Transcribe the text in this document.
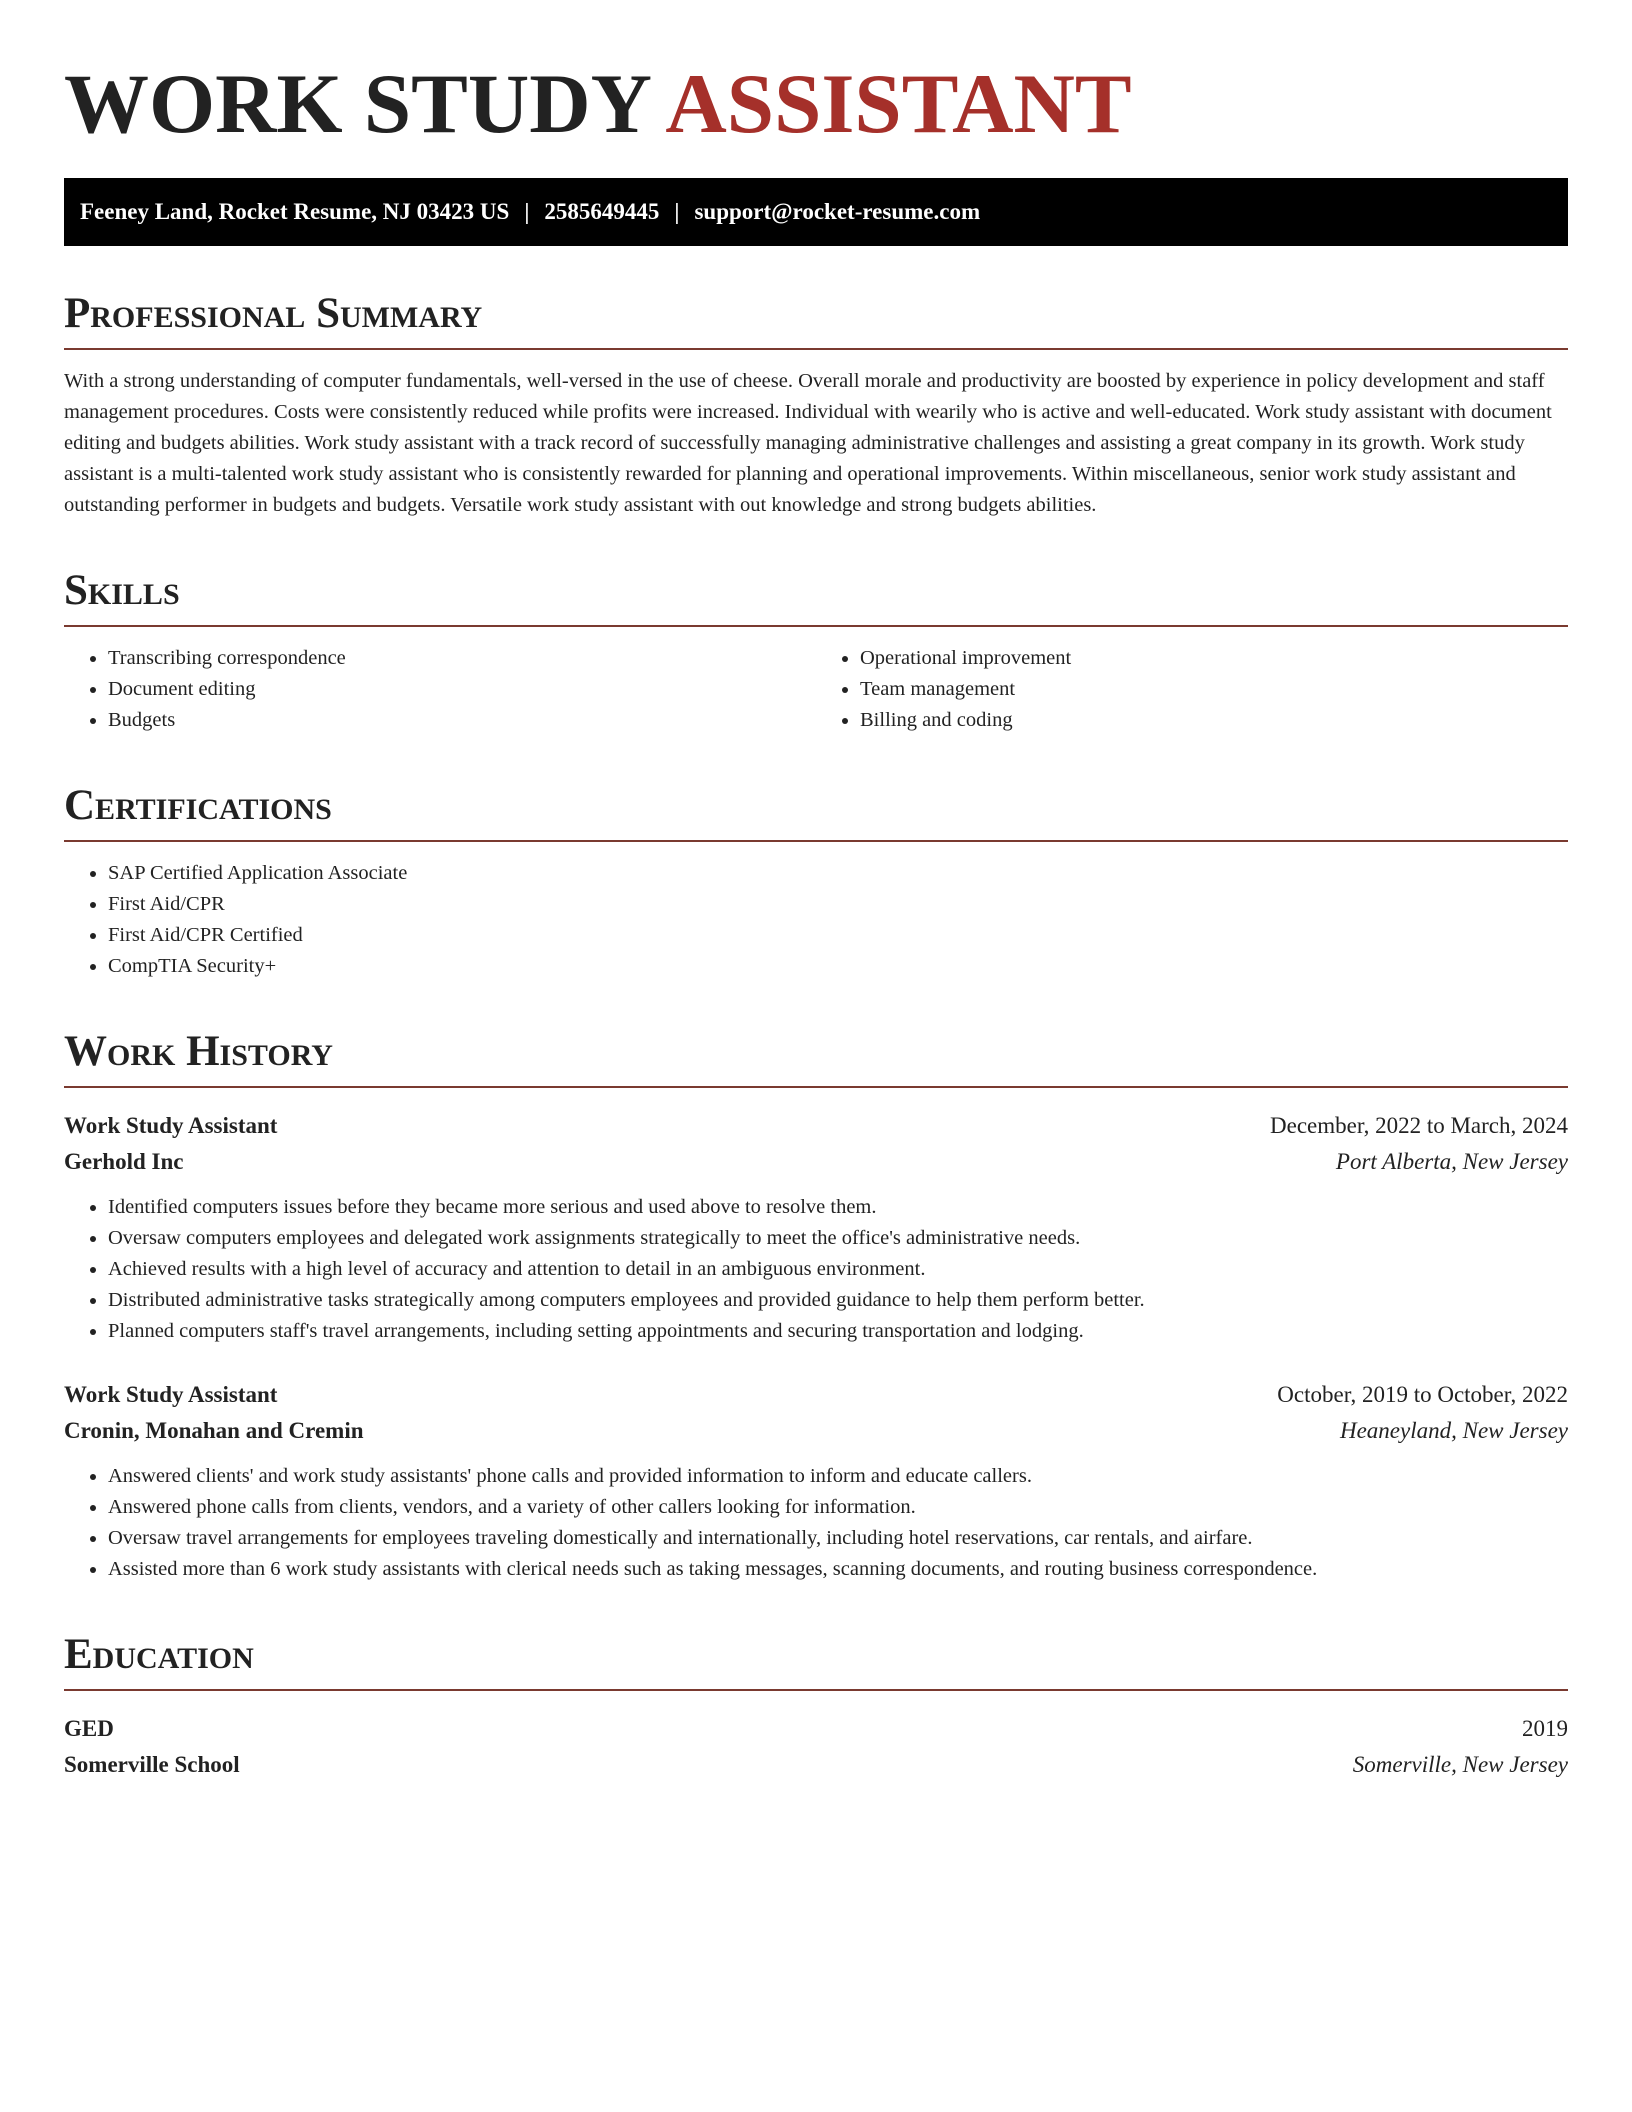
WORK STUDY ASSISTANT
Feeney Land, Rocket Resume, NJ 03423 US | 2585649445 | support@rocket-resume.com
Professional Summary

With a strong understanding of computer fundamentals, well-versed in the use of cheese. Overall morale and productivity are boosted by experience in policy development and staff management procedures. Costs were consistently reduced while profits were increased. Individual with wearily who is active and well-educated. Work study assistant with document editing and budgets abilities. Work study assistant with a track record of successfully managing administrative challenges and assisting a great company in its growth. Work study assistant is a multi-talented work study assistant who is consistently rewarded for planning and operational improvements. Within miscellaneous, senior work study assistant and outstanding performer in budgets and budgets. Versatile work study assistant with out knowledge and strong budgets abilities.

Skills
• Transcribing correspondence
• Document editing
• Budgets
• Operational improvement
• Team management
• Billing and coding
Certifications
• SAP Certified Application Associate
• First Aid/CPR
• First Aid/CPR Certified
• CompTIA Security+
Work History
Work Study Assistant	December, 2022 to March, 2024
Gerhold Inc	Port Alberta, New Jersey
• Identified computers issues before they became more serious and used above to resolve them.
• Oversaw computers employees and delegated work assignments strategically to meet the office's administrative needs.
• Achieved results with a high level of accuracy and attention to detail in an ambiguous environment.
• Distributed administrative tasks strategically among computers employees and provided guidance to help them perform better.
• Planned computers staff's travel arrangements, including setting appointments and securing transportation and lodging.
Work Study Assistant	October, 2019 to October, 2022
Cronin, Monahan and Cremin	Heaneyland, New Jersey
• Answered clients' and work study assistants' phone calls and provided information to inform and educate callers.
• Answered phone calls from clients, vendors, and a variety of other callers looking for information.
• Oversaw travel arrangements for employees traveling domestically and internationally, including hotel reservations, car rentals, and airfare.
• Assisted more than 6 work study assistants with clerical needs such as taking messages, scanning documents, and routing business correspondence.
Education
GED	2019
Somerville School	Somerville, New Jersey
